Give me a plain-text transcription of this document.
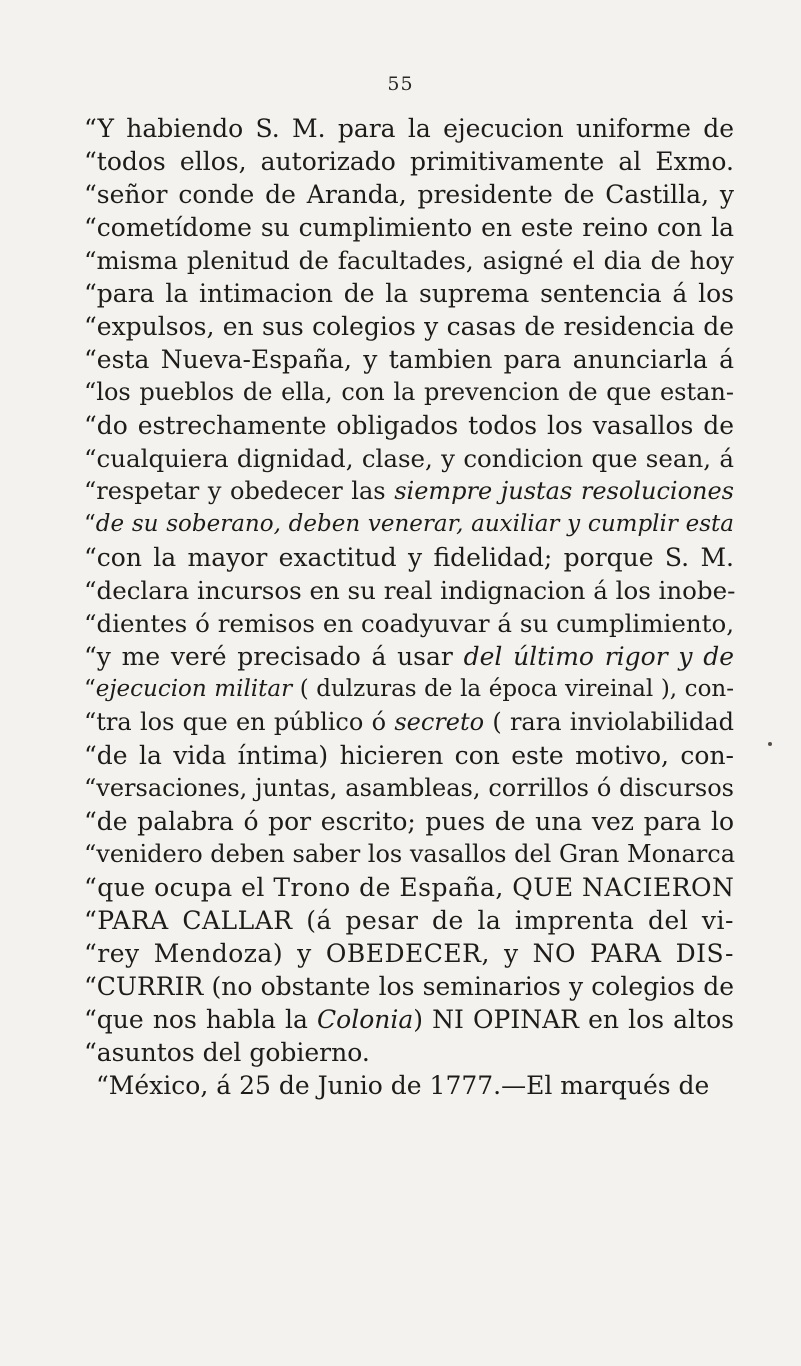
55
“Y habiendo S. M. para la ejecucion uniforme de
“todos ellos, autorizado primitivamente al Exmo.
“señor conde de Aranda, presidente de Castilla, y
“cometídome su cumplimiento en este reino con la
“misma plenitud de facultades, asigné el dia de hoy
“para la intimacion de la suprema sentencia á los
“expulsos, en sus colegios y casas de residencia de
“esta Nueva-España, y tambien para anunciarla á
“los pueblos de ella, con la prevencion de que estan-
“do estrechamente obligados todos los vasallos de
“cualquiera dignidad, clase, y condicion que sean, á
“respetar y obedecer las siempre justas resoluciones
“de su soberano, deben venerar, auxiliar y cumplir esta
“con la mayor exactitud y fidelidad; porque S. M.
“declara incursos en su real indignacion á los inobe-
“dientes ó remisos en coadyuvar á su cumplimiento,
“y me veré precisado á usar del último rigor y de
“ejecucion militar ( dulzuras de la época vireinal ), con-
“tra los que en público ó secreto ( rara inviolabilidad
“de la vida íntima) hicieren con este motivo, con-
“versaciones, juntas, asambleas, corrillos ó discursos
“de palabra ó por escrito; pues de una vez para lo
“venidero deben saber los vasallos del Gran Monarca
“que ocupa el Trono de España, QUE NACIERON
“PARA CALLAR (á pesar de la imprenta del vi-
“rey Mendoza) y OBEDECER, y NO PARA DIS-
“CURRIR (no obstante los seminarios y colegios de
“que nos habla la Colonia) NI OPINAR en los altos
“asuntos del gobierno.
“México, á 25 de Junio de 1777.—El marqués de
